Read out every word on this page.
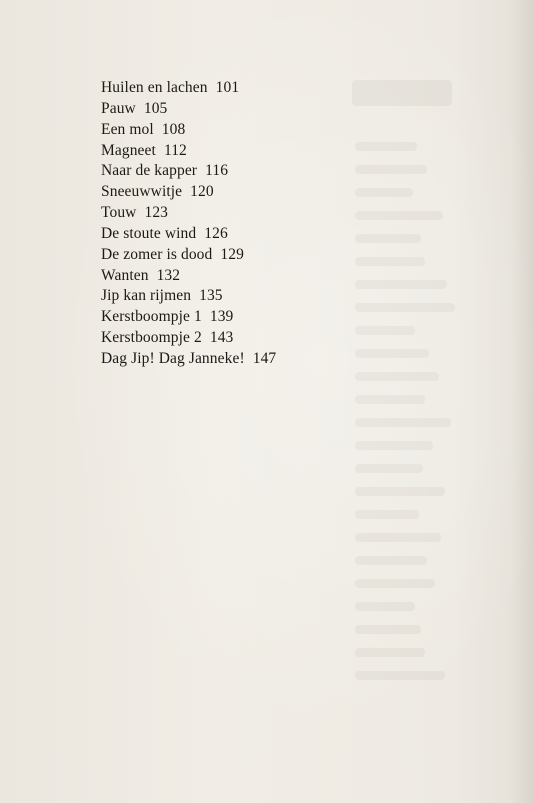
Huilen en lachen 101
Pauw 105
Een mol 108
Magneet 112
Naar de kapper 116
Sneeuwwitje 120
Touw 123
De stoute wind 126
De zomer is dood 129
Wanten 132
Jip kan rijmen 135
Kerstboompje 1 139
Kerstboompje 2 143
Dag Jip! Dag Janneke! 147
